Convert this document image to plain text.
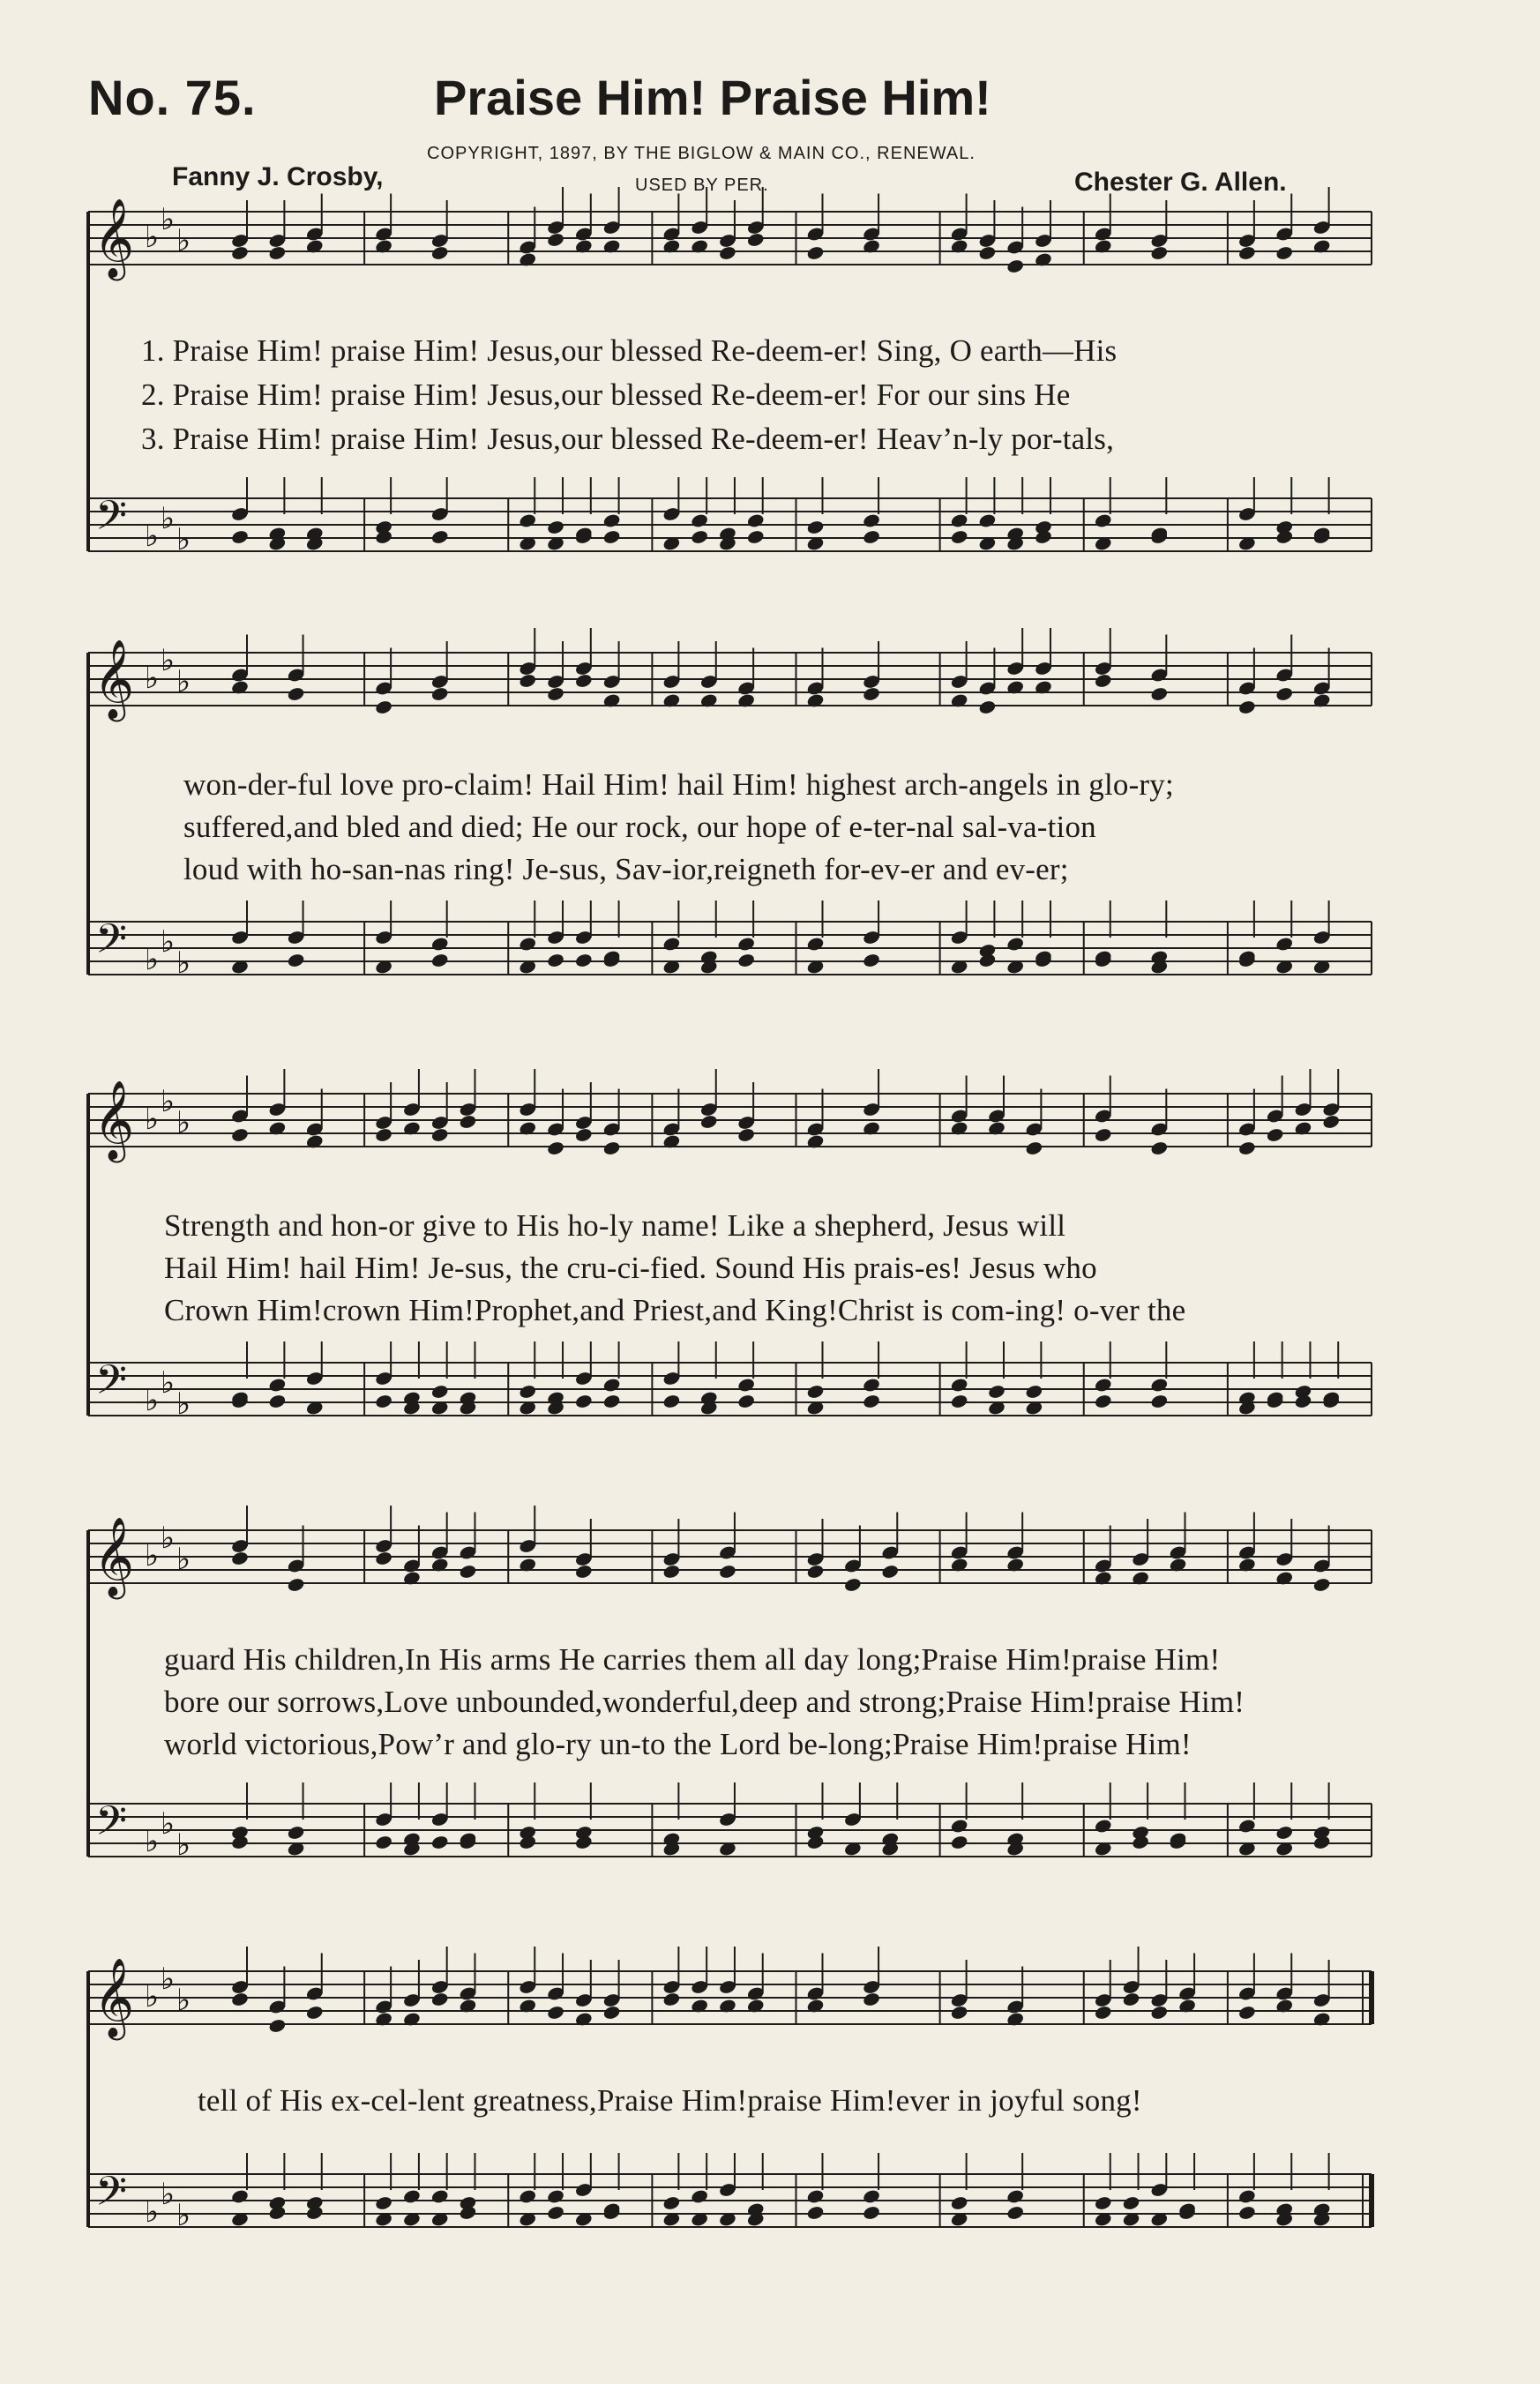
No. 75.	Praise Him! Praise Him!
COPYRIGHT, 1897, BY THE BIGLOW & MAIN CO., RENEWAL.
USED BY PER.
Fanny J. Crosby,	Chester G. Allen.
𝄞
𝄢
♭ ♭
♭
♭ ♭
♭
𝄞
𝄢
♭ ♭
♭
♭ ♭
♭
𝄞
𝄢
♭ ♭
♭
♭ ♭
♭
𝄞
𝄢
♭ ♭
♭
♭ ♭
♭
𝄞
𝄢
♭ ♭
♭
♭ ♭
♭
1. Praise Him! praise Him! Jesus,our blessed Re-deem-er! Sing, O earth—His
2. Praise Him! praise Him! Jesus,our blessed Re-deem-er! For our sins He
3. Praise Him! praise Him! Jesus,our blessed Re-deem-er! Heav’n-ly por-tals,
won-der-ful love pro-claim! Hail Him! hail Him! highest arch-angels in glo-ry;
suffered,and bled and died; He our rock, our hope of e-ter-nal sal-va-tion
loud with ho-san-nas ring! Je-sus, Sav-ior,reigneth for-ev-er and ev-er;
Strength and hon-or give to His ho-ly name! Like a shepherd, Jesus will
Hail Him! hail Him! Je-sus, the cru-ci-fied. Sound His prais-es! Jesus who
Crown Him!crown Him!Prophet,and Priest,and King!Christ is com-ing! o-ver the
guard His children,In His arms He carries them all day long;Praise Him!praise Him!
bore our sorrows,Love unbounded,wonderful,deep and strong;Praise Him!praise Him!
world victorious,Pow’r and glo-ry un-to the Lord be-long;Praise Him!praise Him!
tell of His ex-cel-lent greatness,Praise Him!praise Him!ever in joyful song!
